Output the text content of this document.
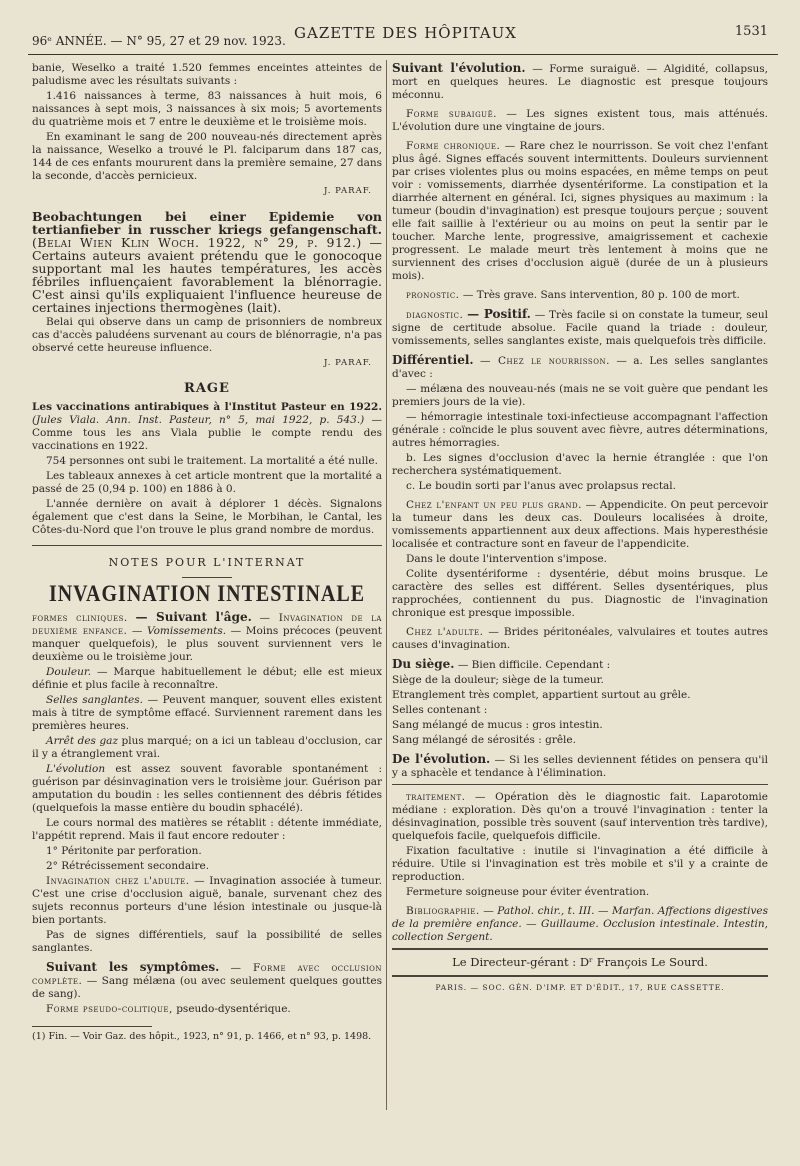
96ᵉ ANNÉE. — N° 95, 27 et 29 nov. 1923. GAZETTE DES HÔPITAUX	1531

banie, Weselko a traité 1.520 femmes enceintes atteintes de paludisme avec les résultats suivants :

1.416 naissances à terme, 83 naissances à huit mois, 6 naissances à sept mois, 3 naissances à six mois; 5 avortements du quatrième mois et 7 entre le deuxième et le troisième mois.

En examinant le sang de 200 nouveau-nés directement après la naissance, Weselko a trouvé le Pl. falciparum dans 187 cas, 144 de ces enfants moururent dans la première semaine, 27 dans la seconde, d'accès pernicieux.

J. PARAF.

Beobachtungen bei einer Epidemie von tertianfieber in russcher kriegs gefangenschaft. (Belai Wien Klin Woch. 1922, n° 29, p. 912.) — Certains auteurs avaient prétendu que le gonocoque supportant mal les hautes températures, les accès fébriles influençaient favorablement la blénorragie. C'est ainsi qu'ils expliquaient l'influence heureuse de certaines injections thermogènes (lait).

Belai qui observe dans un camp de prisonniers de nombreux cas d'accès paludéens survenant au cours de blénorragie, n'a pas observé cette heureuse influence.

J. PARAF.
RAGE

Les vaccinations antirabiques à l'Institut Pasteur en 1922. (Jules Viala. Ann. Inst. Pasteur, n° 5, mai 1922, p. 543.) — Comme tous les ans Viala publie le compte rendu des vaccinations en 1922.

754 personnes ont subi le traitement. La mortalité a été nulle.

Les tableaux annexes à cet article montrent que la mortalité a passé de 25 (0,94 p. 100) en 1886 à 0.

L'année dernière on avait à déplorer 1 décès. Signalons également que c'est dans la Seine, le Morbihan, le Cantal, les Côtes-du-Nord que l'on trouve le plus grand nombre de mordus.

NOTES POUR L'INTERNAT
INVAGINATION INTESTINALE

formes cliniques. — Suivant l'âge. — Invagination de la deuxième enfance. — Vomissements. — Moins précoces (peuvent manquer quelquefois), le plus souvent surviennent vers le deuxième ou le troisième jour.

Douleur. — Marque habituellement le début; elle est mieux définie et plus facile à reconnaître.

Selles sanglantes. — Peuvent manquer, souvent elles existent mais à titre de symptôme effacé. Surviennent rarement dans les premières heures.

Arrêt des gaz plus marqué; on a ici un tableau d'occlusion, car il y a étranglement vrai.

L'évolution est assez souvent favorable spontanément : guérison par désinvagination vers le troisième jour. Guérison par amputation du boudin : les selles contiennent des débris fétides (quelquefois la masse entière du boudin sphacélé).

Le cours normal des matières se rétablit : détente immédiate, l'appétit reprend. Mais il faut encore redouter :

1° Péritonite par perforation.

2° Rétrécissement secondaire.

Invagination chez l'adulte. — Invagination associée à tumeur. C'est une crise d'occlusion aiguë, banale, survenant chez des sujets reconnus porteurs d'une lésion intestinale ou jusque-là bien portants.

Pas de signes différentiels, sauf la possibilité de selles sanglantes.

Suivant les symptômes. — Forme avec occlusion complète. — Sang mélæna (ou avec seulement quelques gouttes de sang).

Forme pseudo-colitique, pseudo-dysentérique.

(1) Fin. — Voir Gaz. des hôpit., 1923, n° 91, p. 1466, et n° 93, p. 1498.

Suivant l'évolution. — Forme suraiguë. — Algidité, collapsus, mort en quelques heures. Le diagnostic est presque toujours méconnu.

Forme subaiguë. — Les signes existent tous, mais atténués. L'évolution dure une vingtaine de jours.

Forme chronique. — Rare chez le nourrisson. Se voit chez l'enfant plus âgé. Signes effacés souvent intermittents. Douleurs surviennent par crises violentes plus ou moins espacées, en même temps on peut voir : vomissements, diarrhée dysentériforme. La constipation et la diarrhée alternent en général. Ici, signes physiques au maximum : la tumeur (boudin d'invagination) est presque toujours perçue ; souvent elle fait saillie à l'extérieur ou au moins on peut la sentir par le toucher. Marche lente, progressive, amaigrissement et cachexie progressent. Le malade meurt très lentement à moins que ne surviennent des crises d'occlusion aiguë (durée de un à plusieurs mois).

pronostic. — Très grave. Sans intervention, 80 p. 100 de mort.

diagnostic. — Positif. — Très facile si on constate la tumeur, seul signe de certitude absolue. Facile quand la triade : douleur, vomissements, selles sanglantes existe, mais quelquefois très difficile.

Différentiel. — Chez le nourrisson. — a. Les selles sanglantes d'avec :

— mélæna des nouveau-nés (mais ne se voit guère que pendant les premiers jours de la vie).

— hémorragie intestinale toxi-infectieuse accompagnant l'affection générale : coïncide le plus souvent avec fièvre, autres déterminations, autres hémorragies.

b. Les signes d'occlusion d'avec la hernie étranglée : que l'on recherchera systématiquement.

c. Le boudin sorti par l'anus avec prolapsus rectal.

Chez l'enfant un peu plus grand. — Appendicite. On peut percevoir la tumeur dans les deux cas. Douleurs localisées à droite, vomissements appartiennent aux deux affections. Mais hyperesthésie localisée et contracture sont en faveur de l'appendicite.

Dans le doute l'intervention s'impose.

Colite dysentériforme : dysentérie, début moins brusque. Le caractère des selles est différent. Selles dysentériques, plus rapprochées, contiennent du pus. Diagnostic de l'invagination chronique est presque impossible.

Chez l'adulte. — Brides péritonéales, valvulaires et toutes autres causes d'invagination.

Du siège. — Bien difficile. Cependant :

Siège de la douleur; siège de la tumeur.

Etranglement très complet, appartient surtout au grêle.

Selles contenant :

Sang mélangé de mucus : gros intestin.

Sang mélangé de sérosités : grêle.

De l'évolution. — Si les selles deviennent fétides on pensera qu'il y a sphacèle et tendance à l'élimination.

traitement. — Opération dès le diagnostic fait. Laparotomie médiane : exploration. Dès qu'on a trouvé l'invagination : tenter la désinvagination, possible très souvent (sauf intervention très tardive), quelquefois facile, quelquefois difficile.

Fixation facultative : inutile si l'invagination a été difficile à réduire. Utile si l'invagination est très mobile et s'il y a crainte de reproduction.

Fermeture soigneuse pour éviter éventration.

Bibliographie. — Pathol. chir., t. III. — Marfan. Affections digestives de la première enfance. — Guillaume. Occlusion intestinale. Intestin, collection Sergent.

Le Directeur-gérant : Dʳ François Le Sourd.
PARIS. — SOC. GÉN. D'IMP. ET D'ÉDIT., 17, RUE CASSETTE.
